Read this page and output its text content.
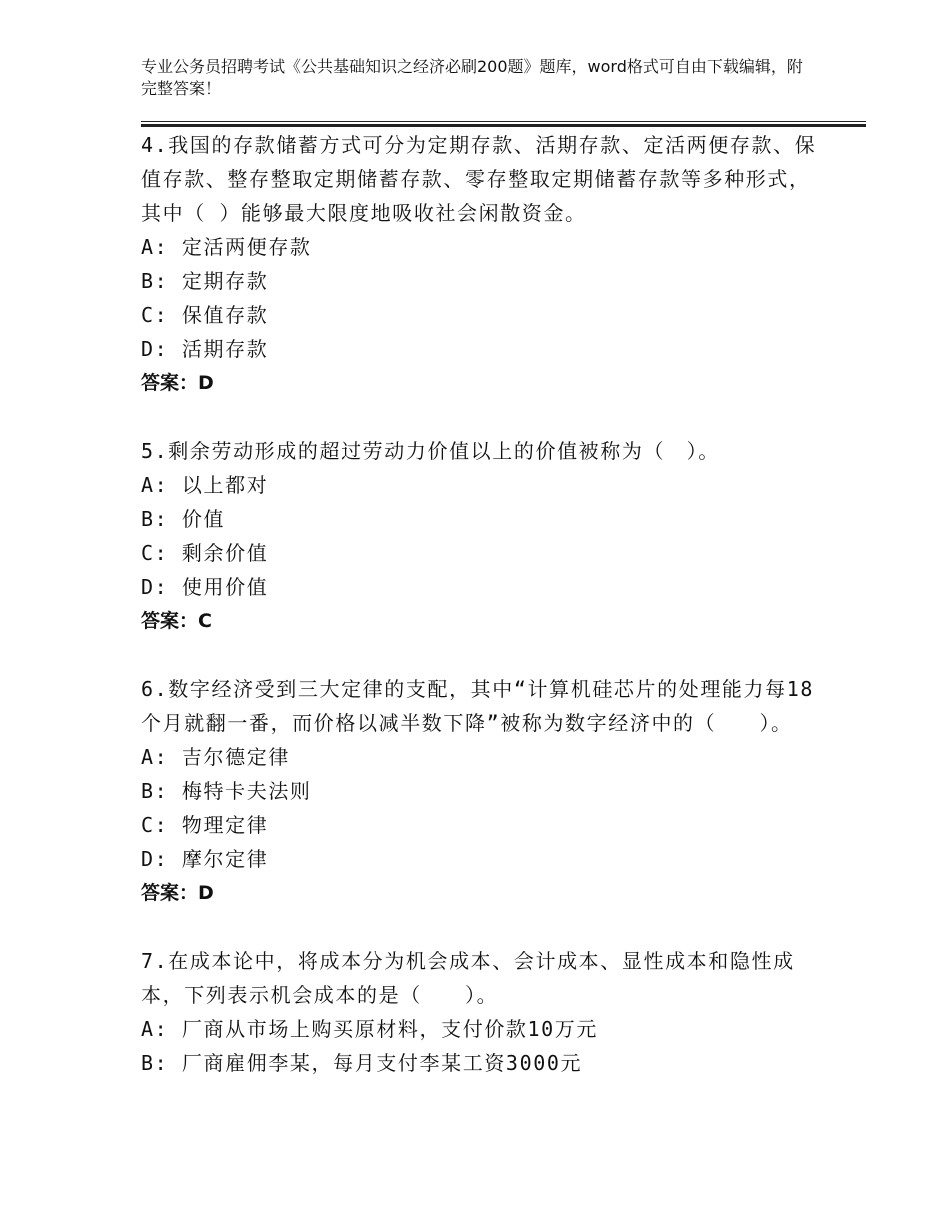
专业公务员招聘考试《公共基础知识之经济必刷200题》题库，word格式可自由下载编辑，附完整答案！

4.我国的存款储蓄方式可分为定期存款、活期存款、定活两便存款、保值存款、整存整取定期储蓄存款、零存整取定期储蓄存款等多种形式，其中（ ）能够最大限度地吸收社会闲散资金。

A: 定活两便存款

B: 定期存款

C: 保值存款

D: 活期存款

答案：D

5.剩余劳动形成的超过劳动力价值以上的价值被称为（　）。

A: 以上都对

B: 价值

C: 剩余价值

D: 使用价值

答案：C

6.数字经济受到三大定律的支配，其中“计算机硅芯片的处理能力每18个月就翻一番，而价格以减半数下降”被称为数字经济中的（　　）。

A: 吉尔德定律

B: 梅特卡夫法则

C: 物理定律

D: 摩尔定律

答案：D

7.在成本论中，将成本分为机会成本、会计成本、显性成本和隐性成本，下列表示机会成本的是（　　）。

A: 厂商从市场上购买原材料，支付价款10万元

B: 厂商雇佣李某，每月支付李某工资3000元
